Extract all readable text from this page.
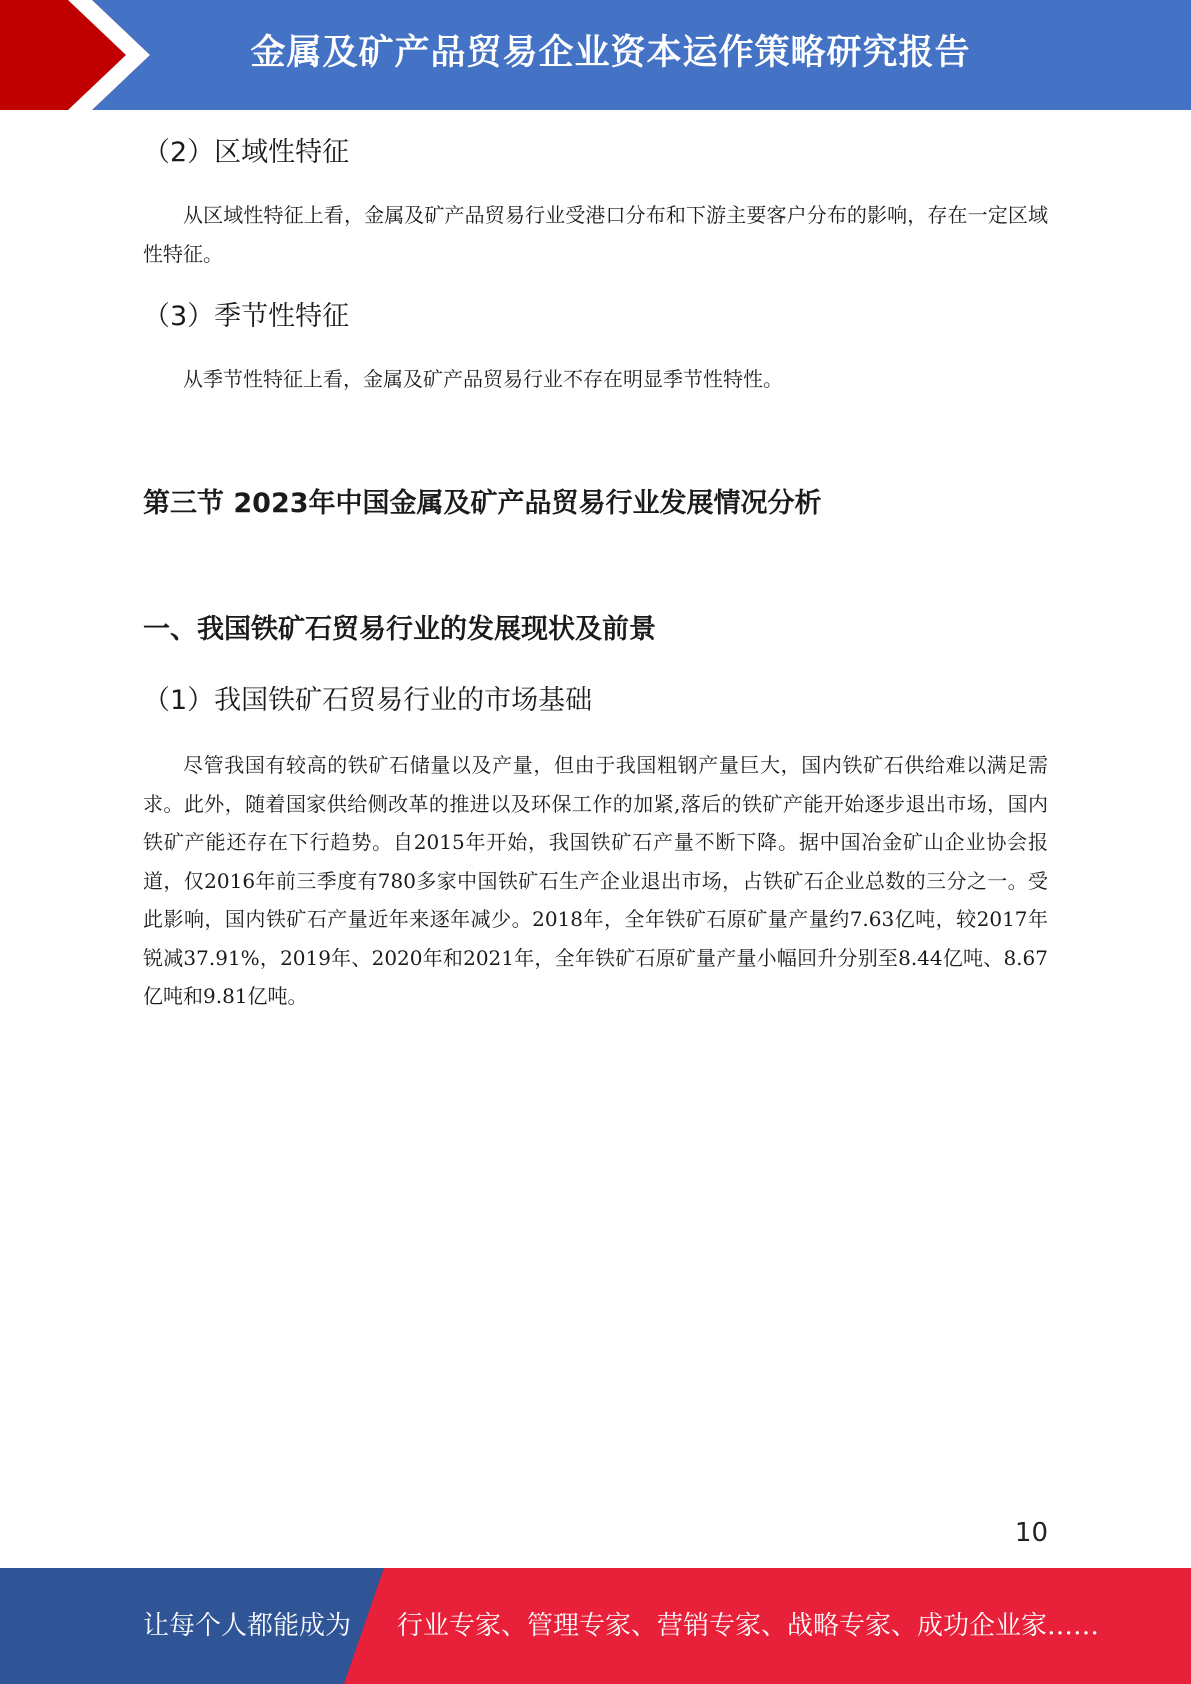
金属及矿产品贸易企业资本运作策略研究报告
（2）区域性特征

从区域性特征上看，金属及矿产品贸易行业受港口分布和下游主要客户分布的影响，存在一定区域性特征。

（3）季节性特征

从季节性特征上看，金属及矿产品贸易行业不存在明显季节性特性。

第三节 2023年中国金属及矿产品贸易行业发展情况分析
一、我国铁矿石贸易行业的发展现状及前景
（1）我国铁矿石贸易行业的市场基础

尽管我国有较高的铁矿石储量以及产量，但由于我国粗钢产量巨大，国内铁矿石供给难以满足需求。此外，随着国家供给侧改革的推进以及环保工作的加紧,落后的铁矿产能开始逐步退出市场，国内铁矿产能还存在下行趋势。自2015年开始，我国铁矿石产量不断下降。据中国冶金矿山企业协会报道，仅2016年前三季度有780多家中国铁矿石生产企业退出市场，占铁矿石企业总数的三分之一。受此影响，国内铁矿石产量近年来逐年减少。2018年，全年铁矿石原矿量产量约7.63亿吨，较2017年锐减37.91%，2019年、2020年和2021年，全年铁矿石原矿量产量小幅回升分别至8.44亿吨、8.67亿吨和9.81亿吨。

10
让每个人都能成为 行业专家、管理专家、营销专家、战略专家、成功企业家……
